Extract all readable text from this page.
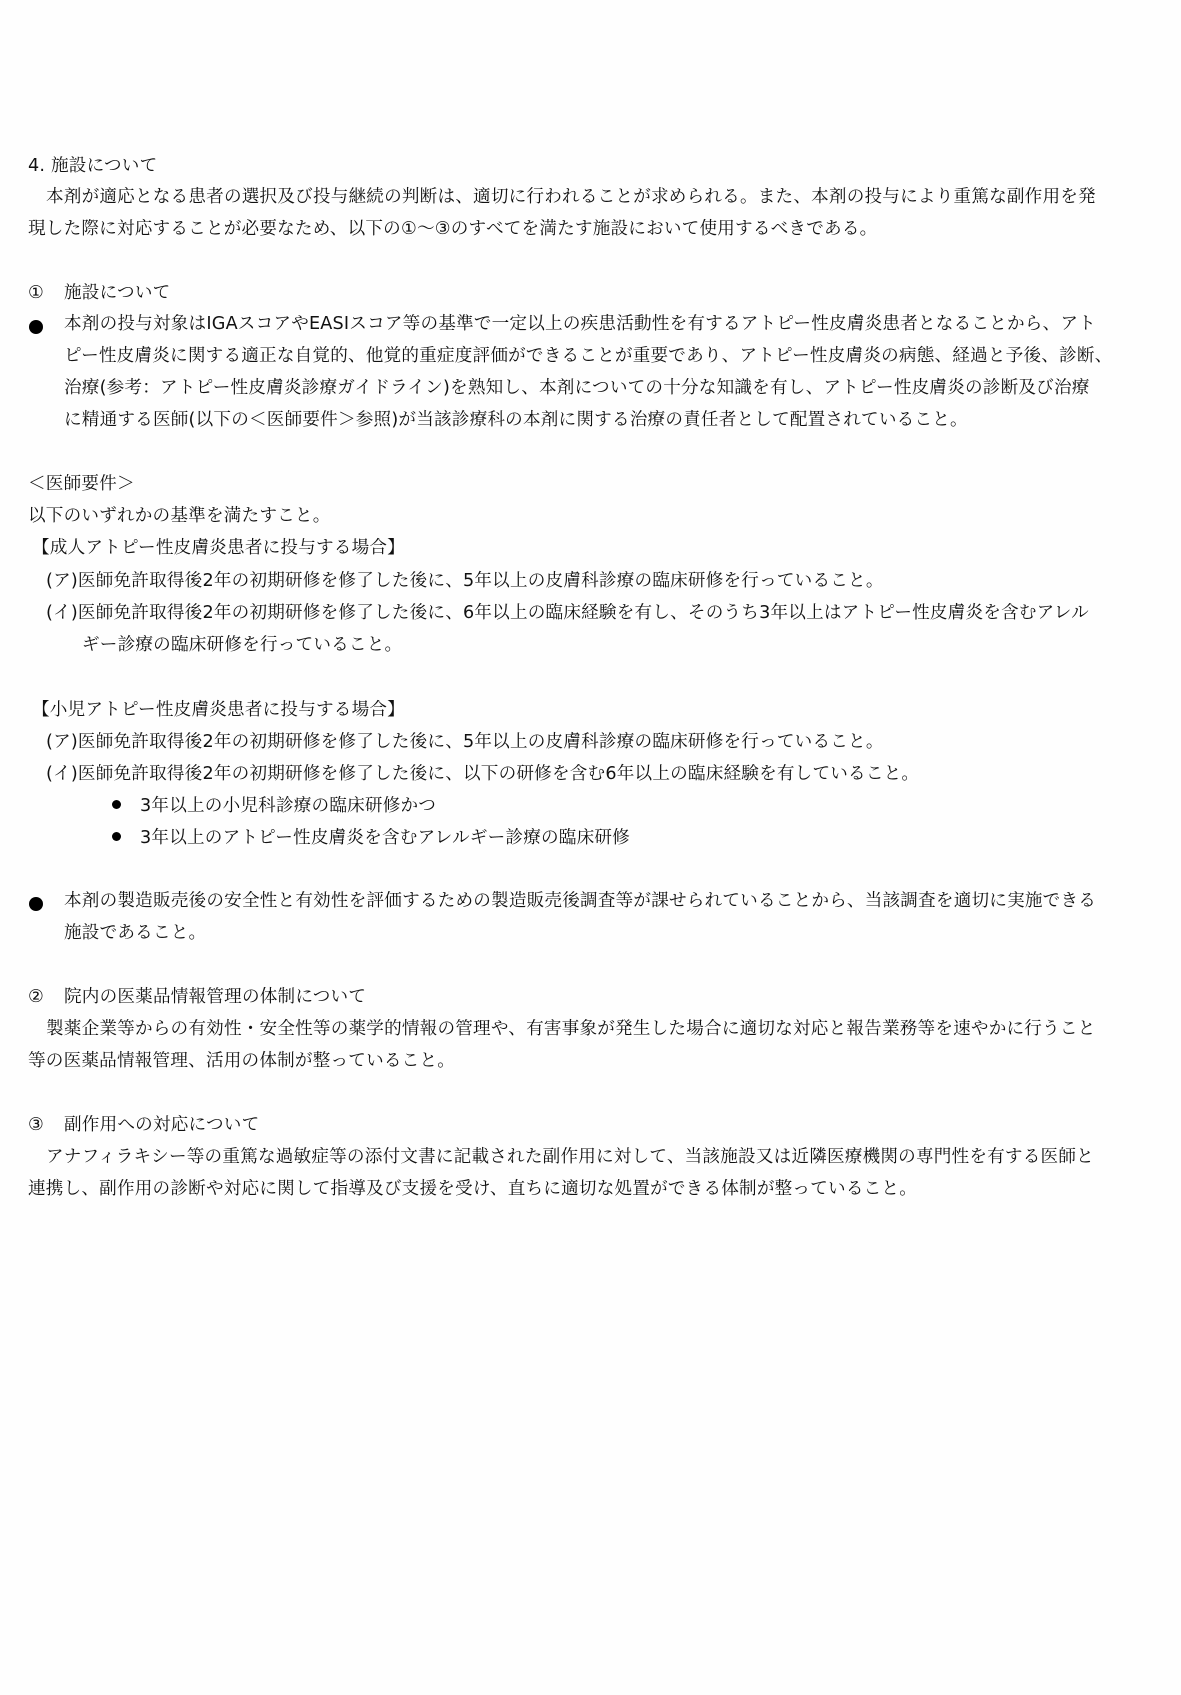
4. 施設について
本剤が適応となる患者の選択及び投与継続の判断は、適切に行われることが求められる。また、本剤の投与により重篤な副作用を発
現した際に対応することが必要なため、以下の①～③のすべてを満たす施設において使用するべきである。
① 施設について
本剤の投与対象はIGAスコアやEASIスコア等の基準で一定以上の疾患活動性を有するアトピー性皮膚炎患者となることから、アト
ピー性皮膚炎に関する適正な自覚的、他覚的重症度評価ができることが重要であり、アトピー性皮膚炎の病態、経過と予後、診断、
治療(参考：アトピー性皮膚炎診療ガイドライン)を熟知し、本剤についての十分な知識を有し、アトピー性皮膚炎の診断及び治療
に精通する医師(以下の＜医師要件＞参照)が当該診療科の本剤に関する治療の責任者として配置されていること。
＜医師要件＞
以下のいずれかの基準を満たすこと。
【成人アトピー性皮膚炎患者に投与する場合】
(ア)医師免許取得後2年の初期研修を修了した後に、5年以上の皮膚科診療の臨床研修を行っていること。
(イ)医師免許取得後2年の初期研修を修了した後に、6年以上の臨床経験を有し、そのうち3年以上はアトピー性皮膚炎を含むアレル
ギー診療の臨床研修を行っていること。
【小児アトピー性皮膚炎患者に投与する場合】
(ア)医師免許取得後2年の初期研修を修了した後に、5年以上の皮膚科診療の臨床研修を行っていること。
(イ)医師免許取得後2年の初期研修を修了した後に、以下の研修を含む6年以上の臨床経験を有していること。
3年以上の小児科診療の臨床研修かつ
3年以上のアトピー性皮膚炎を含むアレルギー診療の臨床研修
本剤の製造販売後の安全性と有効性を評価するための製造販売後調査等が課せられていることから、当該調査を適切に実施できる
施設であること。
② 院内の医薬品情報管理の体制について
製薬企業等からの有効性・安全性等の薬学的情報の管理や、有害事象が発生した場合に適切な対応と報告業務等を速やかに行うこと
等の医薬品情報管理、活用の体制が整っていること。
③ 副作用への対応について
アナフィラキシー等の重篤な過敏症等の添付文書に記載された副作用に対して、当該施設又は近隣医療機関の専門性を有する医師と
連携し、副作用の診断や対応に関して指導及び支援を受け、直ちに適切な処置ができる体制が整っていること。
